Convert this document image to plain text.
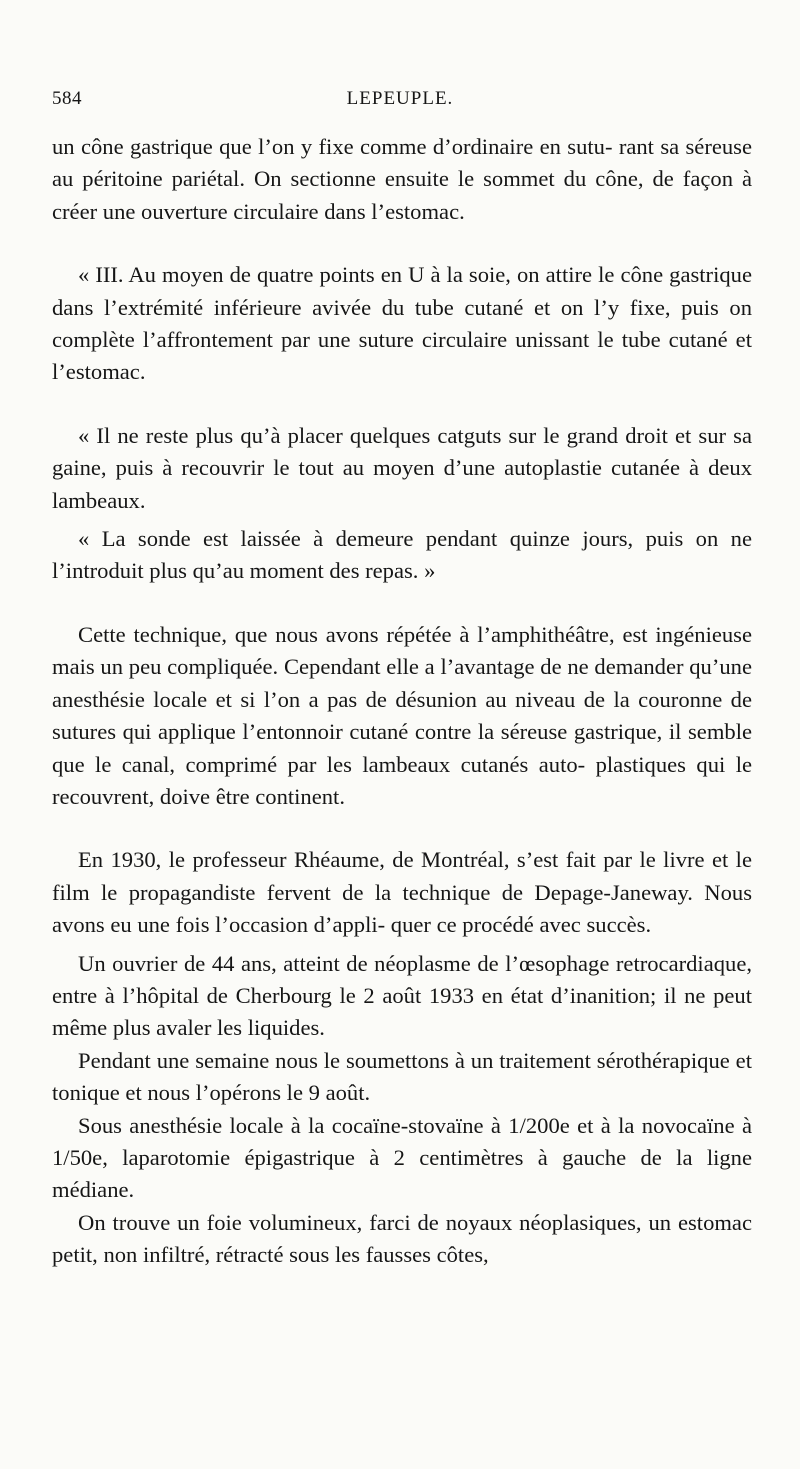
584	LEPEUPLE.

un cône gastrique que l’on y fixe comme d’ordinaire en sutu- rant sa séreuse au péritoine pariétal. On sectionne ensuite le sommet du cône, de façon à créer une ouverture circulaire dans l’estomac.

« III. Au moyen de quatre points en U à la soie, on attire le cône gastrique dans l’extrémité inférieure avivée du tube cutané et on l’y fixe, puis on complète l’affrontement par une suture circulaire unissant le tube cutané et l’estomac.

« Il ne reste plus qu’à placer quelques catguts sur le grand droit et sur sa gaine, puis à recouvrir le tout au moyen d’une autoplastie cutanée à deux lambeaux.

« La sonde est laissée à demeure pendant quinze jours, puis on ne l’introduit plus qu’au moment des repas. »

Cette technique, que nous avons répétée à l’amphithéâtre, est ingénieuse mais un peu compliquée. Cependant elle a l’avantage de ne demander qu’une anesthésie locale et si l’on a pas de désunion au niveau de la couronne de sutures qui applique l’entonnoir cutané contre la séreuse gastrique, il semble que le canal, comprimé par les lambeaux cutanés auto- plastiques qui le recouvrent, doive être continent.

En 1930, le professeur Rhéaume, de Montréal, s’est fait par le livre et le film le propagandiste fervent de la technique de Depage-Janeway. Nous avons eu une fois l’occasion d’appli- quer ce procédé avec succès.

Un ouvrier de 44 ans, atteint de néoplasme de l’œsophage retrocardiaque, entre à l’hôpital de Cherbourg le 2 août 1933 en état d’inanition; il ne peut même plus avaler les liquides.

Pendant une semaine nous le soumettons à un traitement sérothérapique et tonique et nous l’opérons le 9 août.

Sous anesthésie locale à la cocaïne-stovaïne à 1/200e et à la novocaïne à 1/50e, laparotomie épigastrique à 2 centimètres à gauche de la ligne médiane.

On trouve un foie volumineux, farci de noyaux néoplasiques, un estomac petit, non infiltré, rétracté sous les fausses côtes,
